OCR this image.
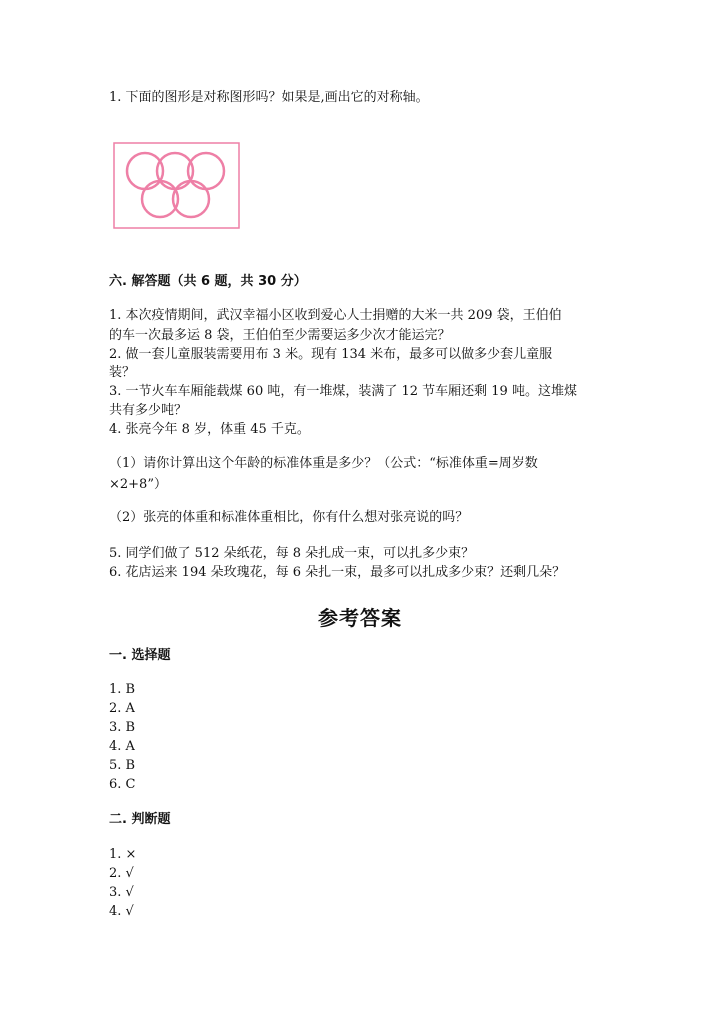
1. 下面的图形是对称图形吗？如果是,画出它的对称轴。
六. 解答题（共 6 题，共 30 分）
1. 本次疫情期间，武汉幸福小区收到爱心人士捐赠的大米一共 209 袋，王伯伯
的车一次最多运 8 袋，王伯伯至少需要运多少次才能运完？
2. 做一套儿童服装需要用布 3 米。现有 134 米布，最多可以做多少套儿童服
装？
3. 一节火车车厢能载煤 60 吨，有一堆煤，装满了 12 节车厢还剩 19 吨。这堆煤
共有多少吨？
4. 张亮今年 8 岁，体重 45 千克。
（1）请你计算出这个年龄的标准体重是多少？（公式：“标准体重=周岁数
×2+8”）
（2）张亮的体重和标准体重相比，你有什么想对张亮说的吗？
5. 同学们做了 512 朵纸花，每 8 朵扎成一束，可以扎多少束？
6. 花店运来 194 朵玫瑰花，每 6 朵扎一束，最多可以扎成多少束？还剩几朵？
参考答案
一. 选择题
1. B
2. A
3. B
4. A
5. B
6. C
二. 判断题
1. ×
2. √
3. √
4. √
